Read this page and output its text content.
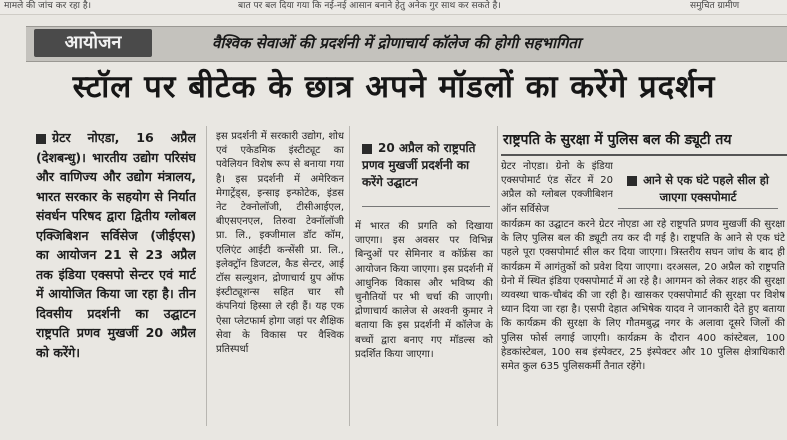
मामले की जांच कर रहा है।	बात पर बल दिया गया कि नई-नई आसान बनाने हेतु अनेक गुर साथ कर सकते है।	समुचित ग्रामीण
आयोजन	वैश्विक सेवाओं की प्रदर्शनी में द्रोणाचार्य कॉलेज की होगी सहभागिता
स्टॉल पर बीटेक के छात्र अपने मॉडलों का करेंगे प्रदर्शन

ग्रेटर नोएडा, 16 अप्रैल (देशबन्धु)। भारतीय उद्योग परिसंघ और वाणिज्य और उद्योग मंत्रालय, भारत सरकार के सहयोग से निर्यात संवर्धन परिषद द्वारा द्वितीय ग्लोबल एक्जिबिशन सर्विसेज (जीईएस) का आयोजन 21 से 23 अप्रैल तक इंडिया एक्सपो सेन्टर एवं मार्ट में आयोजित किया जा रहा है। तीन दिवसीय प्रदर्शनी का उद्घाटन राष्ट्रपति प्रणव मुखर्जी 20 अप्रैल को करेंगे।

इस प्रदर्शनी में सरकारी उद्योग, शोध एवं एकेडमिक इंस्टीट्यूट का पवेलियन विशेष रूप से बनाया गया है। इस प्रदर्शनी में अमेरिकन मेगाट्रेंड्स, इन्साइ इन्फोटेक, इंडस नेट टेक्नोलॉजी, टीसीआईएल, बीएसएनएल, तिरुवा टेक्नॉलॉजी प्रा. लि., इक्जीमाल डॉट कॉम, एलिएंट आईटी कन्सेंसी प्रा. लि., इलेक्ट्रॉन डिजटल, कैड सेन्टर, आई टॉस सल्युशन, द्रोणाचार्य ग्रुप ऑफ इंस्टीट्यूशन्स सहित चार सौ कंपनियां हिस्सा ले रही हैं। यह एक ऐसा प्लेटफार्म होगा जहां पर शैक्षिक सेवा के विकास पर वैश्विक प्रतिस्पर्धा

20 अप्रैल को राष्ट्रपति प्रणव मुखर्जी प्रदर्शनी का करेंगे उद्घाटन

में भारत की प्रगति को दिखाया जाएगा। इस अवसर पर विभिन्न बिन्दुओं पर सेमिनार व कॉफ्रेंस का आयोजन किया जाएगा। इस प्रदर्शनी में आधुनिक विकास और भविष्य की चुनौतियों पर भी चर्चा की जाएगी। द्रोणाचार्य कालेज से अश्वनी कुमार ने बताया कि इस प्रदर्शनी में कॉलेज के बच्चों द्वारा बनाए गए मॉडल्स को प्रदर्शित किया जाएगा।

राष्ट्रपति के सुरक्षा में पुलिस बल की ड्यूटी तय

ग्रेटर नोएडा। ग्रेनो के इंडिया एक्सपोमार्ट एंड सेंटर में 20 अप्रैल को ग्लोबल एक्जीबिशन ऑन सर्विसेज

आने से एक घंटे पहले सील हो जाएगा एक्सपोमार्ट

कार्यक्रम का उद्घाटन करने ग्रेटर नोएडा आ रहे राष्ट्रपति प्रणव मुखर्जी की सुरक्षा के लिए पुलिस बल की ड्यूटी तय कर दी गई है। राष्ट्रपति के आने से एक घंटे पहले पूरा एक्सपोमार्ट सील कर दिया जाएगा। त्रिस्तरीय सघन जांच के बाद ही कार्यक्रम में आगंतुकों को प्रवेश दिया जाएगा। दरअसल, 20 अप्रैल को राष्ट्रपति ग्रेनो में स्थित इंडिया एक्सपोमार्ट में आ रहे है। आगमन को लेकर शहर की सुरक्षा व्यवस्था चाक-चौबंद की जा रही है। खासकर एक्सपोमार्ट की सुरक्षा पर विशेष ध्यान दिया जा रहा है। एसपी देहात अभिषेक यादव ने जानकारी देते हुए बताया कि कार्यक्रम की सुरक्षा के लिए गौतमबुद्ध नगर के अलावा दूसरे जिलों की पुलिस फोर्स लगाई जाएगी। कार्यक्रम के दौरान 400 कांस्टेबल, 100 हेडकांस्टेबल, 100 सब इंस्पेक्टर, 25 इंस्पेक्टर और 10 पुलिस क्षेत्राधिकारी समेत कुल 635 पुलिसकर्मी तैनात रहेंगे।
